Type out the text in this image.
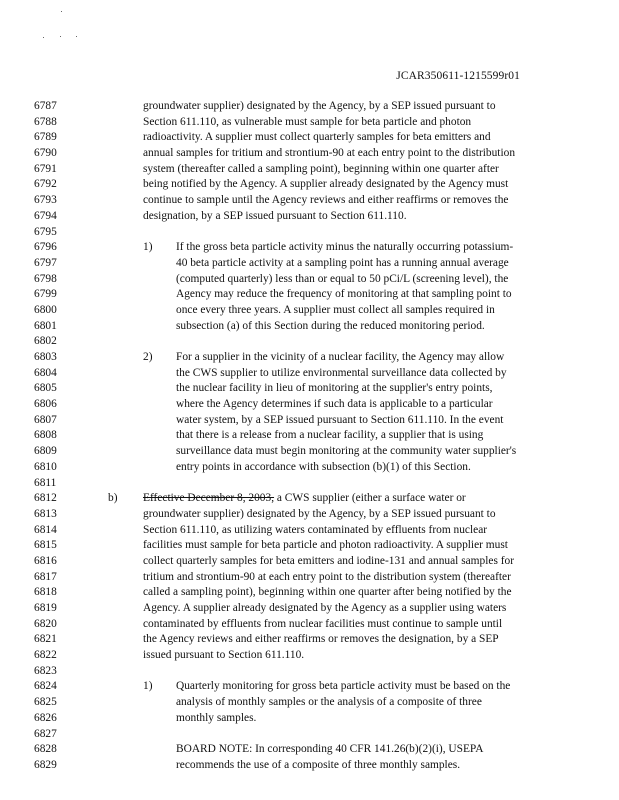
JCAR350611-1215599r01
6787	groundwater supplier) designated by the Agency, by a SEP issued pursuant to
6788	Section 611.110, as vulnerable must sample for beta particle and photon
6789	radioactivity. A supplier must collect quarterly samples for beta emitters and
6790	annual samples for tritium and strontium-90 at each entry point to the distribution
6791	system (thereafter called a sampling point), beginning within one quarter after
6792	being notified by the Agency. A supplier already designated by the Agency must
6793	continue to sample until the Agency reviews and either reaffirms or removes the
6794	designation, by a SEP issued pursuant to Section 611.110.
6795
6796	1) If the gross beta particle activity minus the naturally occurring potassium-
6797	40 beta particle activity at a sampling point has a running annual average
6798	(computed quarterly) less than or equal to 50 pCi/L (screening level), the
6799	Agency may reduce the frequency of monitoring at that sampling point to
6800	once every three years. A supplier must collect all samples required in
6801	subsection (a) of this Section during the reduced monitoring period.
6802
6803	2) For a supplier in the vicinity of a nuclear facility, the Agency may allow
6804	the CWS supplier to utilize environmental surveillance data collected by
6805	the nuclear facility in lieu of monitoring at the supplier's entry points,
6806	where the Agency determines if such data is applicable to a particular
6807	water system, by a SEP issued pursuant to Section 611.110. In the event
6808	that there is a release from a nuclear facility, a supplier that is using
6809	surveillance data must begin monitoring at the community water supplier's
6810	entry points in accordance with subsection (b)(1) of this Section.
6811
6812	b) Effective December 8, 2003, a CWS supplier (either a surface water or
6813	groundwater supplier) designated by the Agency, by a SEP issued pursuant to
6814	Section 611.110, as utilizing waters contaminated by effluents from nuclear
6815	facilities must sample for beta particle and photon radioactivity. A supplier must
6816	collect quarterly samples for beta emitters and iodine-131 and annual samples for
6817	tritium and strontium-90 at each entry point to the distribution system (thereafter
6818	called a sampling point), beginning within one quarter after being notified by the
6819	Agency. A supplier already designated by the Agency as a supplier using waters
6820	contaminated by effluents from nuclear facilities must continue to sample until
6821	the Agency reviews and either reaffirms or removes the designation, by a SEP
6822	issued pursuant to Section 611.110.
6823
6824	1) Quarterly monitoring for gross beta particle activity must be based on the
6825	analysis of monthly samples or the analysis of a composite of three
6826	monthly samples.
6827
6828	BOARD NOTE: In corresponding 40 CFR 141.26(b)(2)(i), USEPA
6829	recommends the use of a composite of three monthly samples.
